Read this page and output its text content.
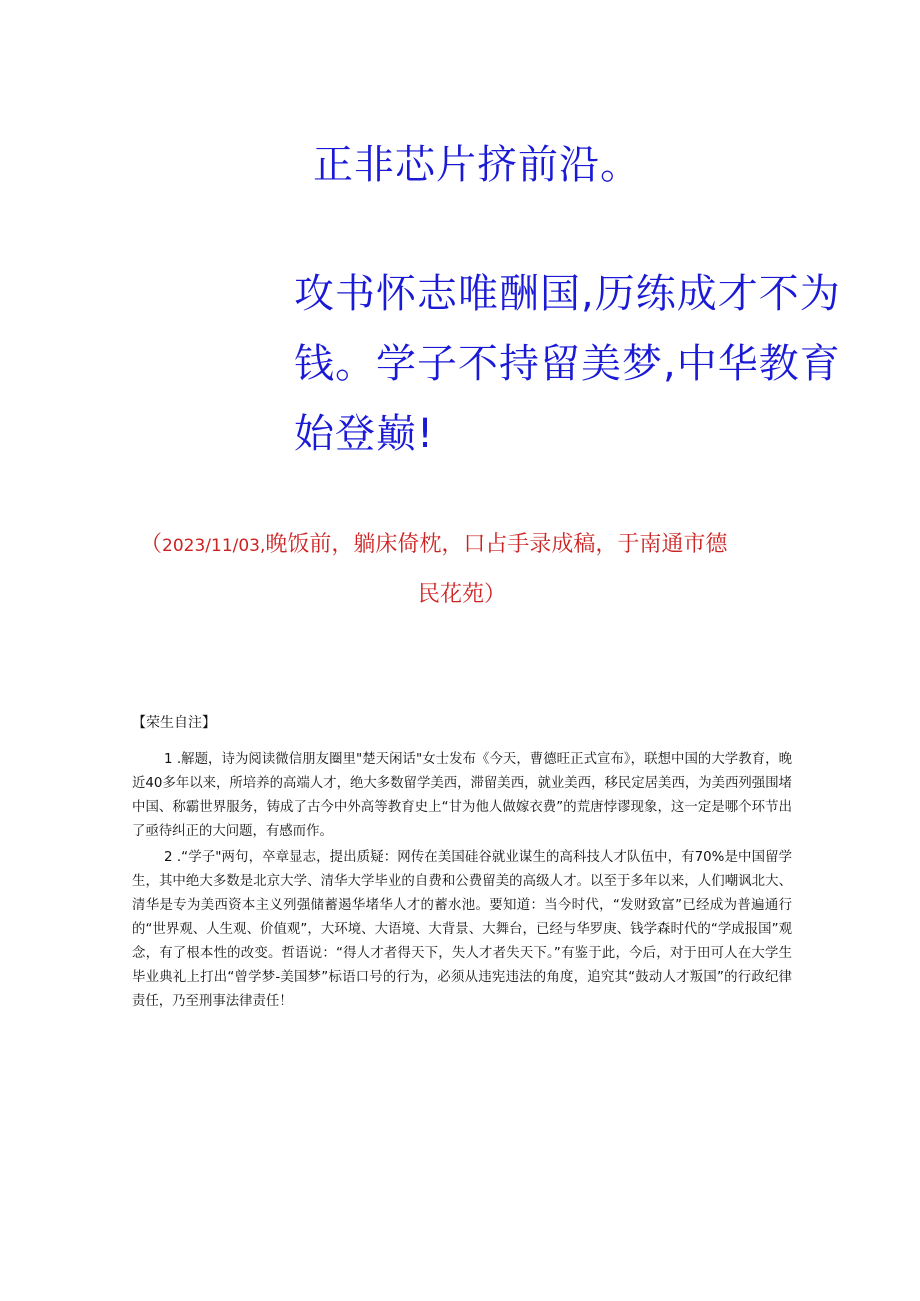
正非芯片挤前沿。

攻书怀志唯酬国,历练成才不为

钱。学子不持留美梦,中华教育

始登巅!

（2023/11/03,晚饭前，躺床倚枕，口占手录成稿，于南通市德

民花苑）

【荣生自注】

1 .解题，诗为阅读微信朋友圈里"楚天闲话"女士发布《今天，曹德旺正式宣布》，联想中国的大学教育，晚近40多年以来，所培养的高端人才，绝大多数留学美西，滞留美西，就业美西，移民定居美西，为美西列强围堵中国、称霸世界服务，铸成了古今中外高等教育史上“甘为他人做嫁衣费”的荒唐悖谬现象，这一定是哪个环节出了亟待纠正的大问题，有感而作。

2 .“学子"两句，卒章显志，提出质疑：网传在美国硅谷就业谋生的高科技人才队伍中，有70%是中国留学生，其中绝大多数是北京大学、清华大学毕业的自费和公费留美的高级人才。以至于多年以来，人们嘲讽北大、清华是专为美西资本主义列强储蓄遏华堵华人才的蓄水池。要知道：当今时代，“发财致富”已经成为普遍通行的“世界观、人生观、价值观”，大环境、大语境、大背景、大舞台，已经与华罗庚、钱学森时代的“学成报国”观念，有了根本性的改变。哲语说：“得人才者得天下，失人才者失天下。”有鉴于此，今后，对于田可人在大学生毕业典礼上打出“曾学梦-美国梦”标语口号的行为，必须从违宪违法的角度，追究其“鼓动人才叛国”的行政纪律责任，乃至刑事法律责任！
